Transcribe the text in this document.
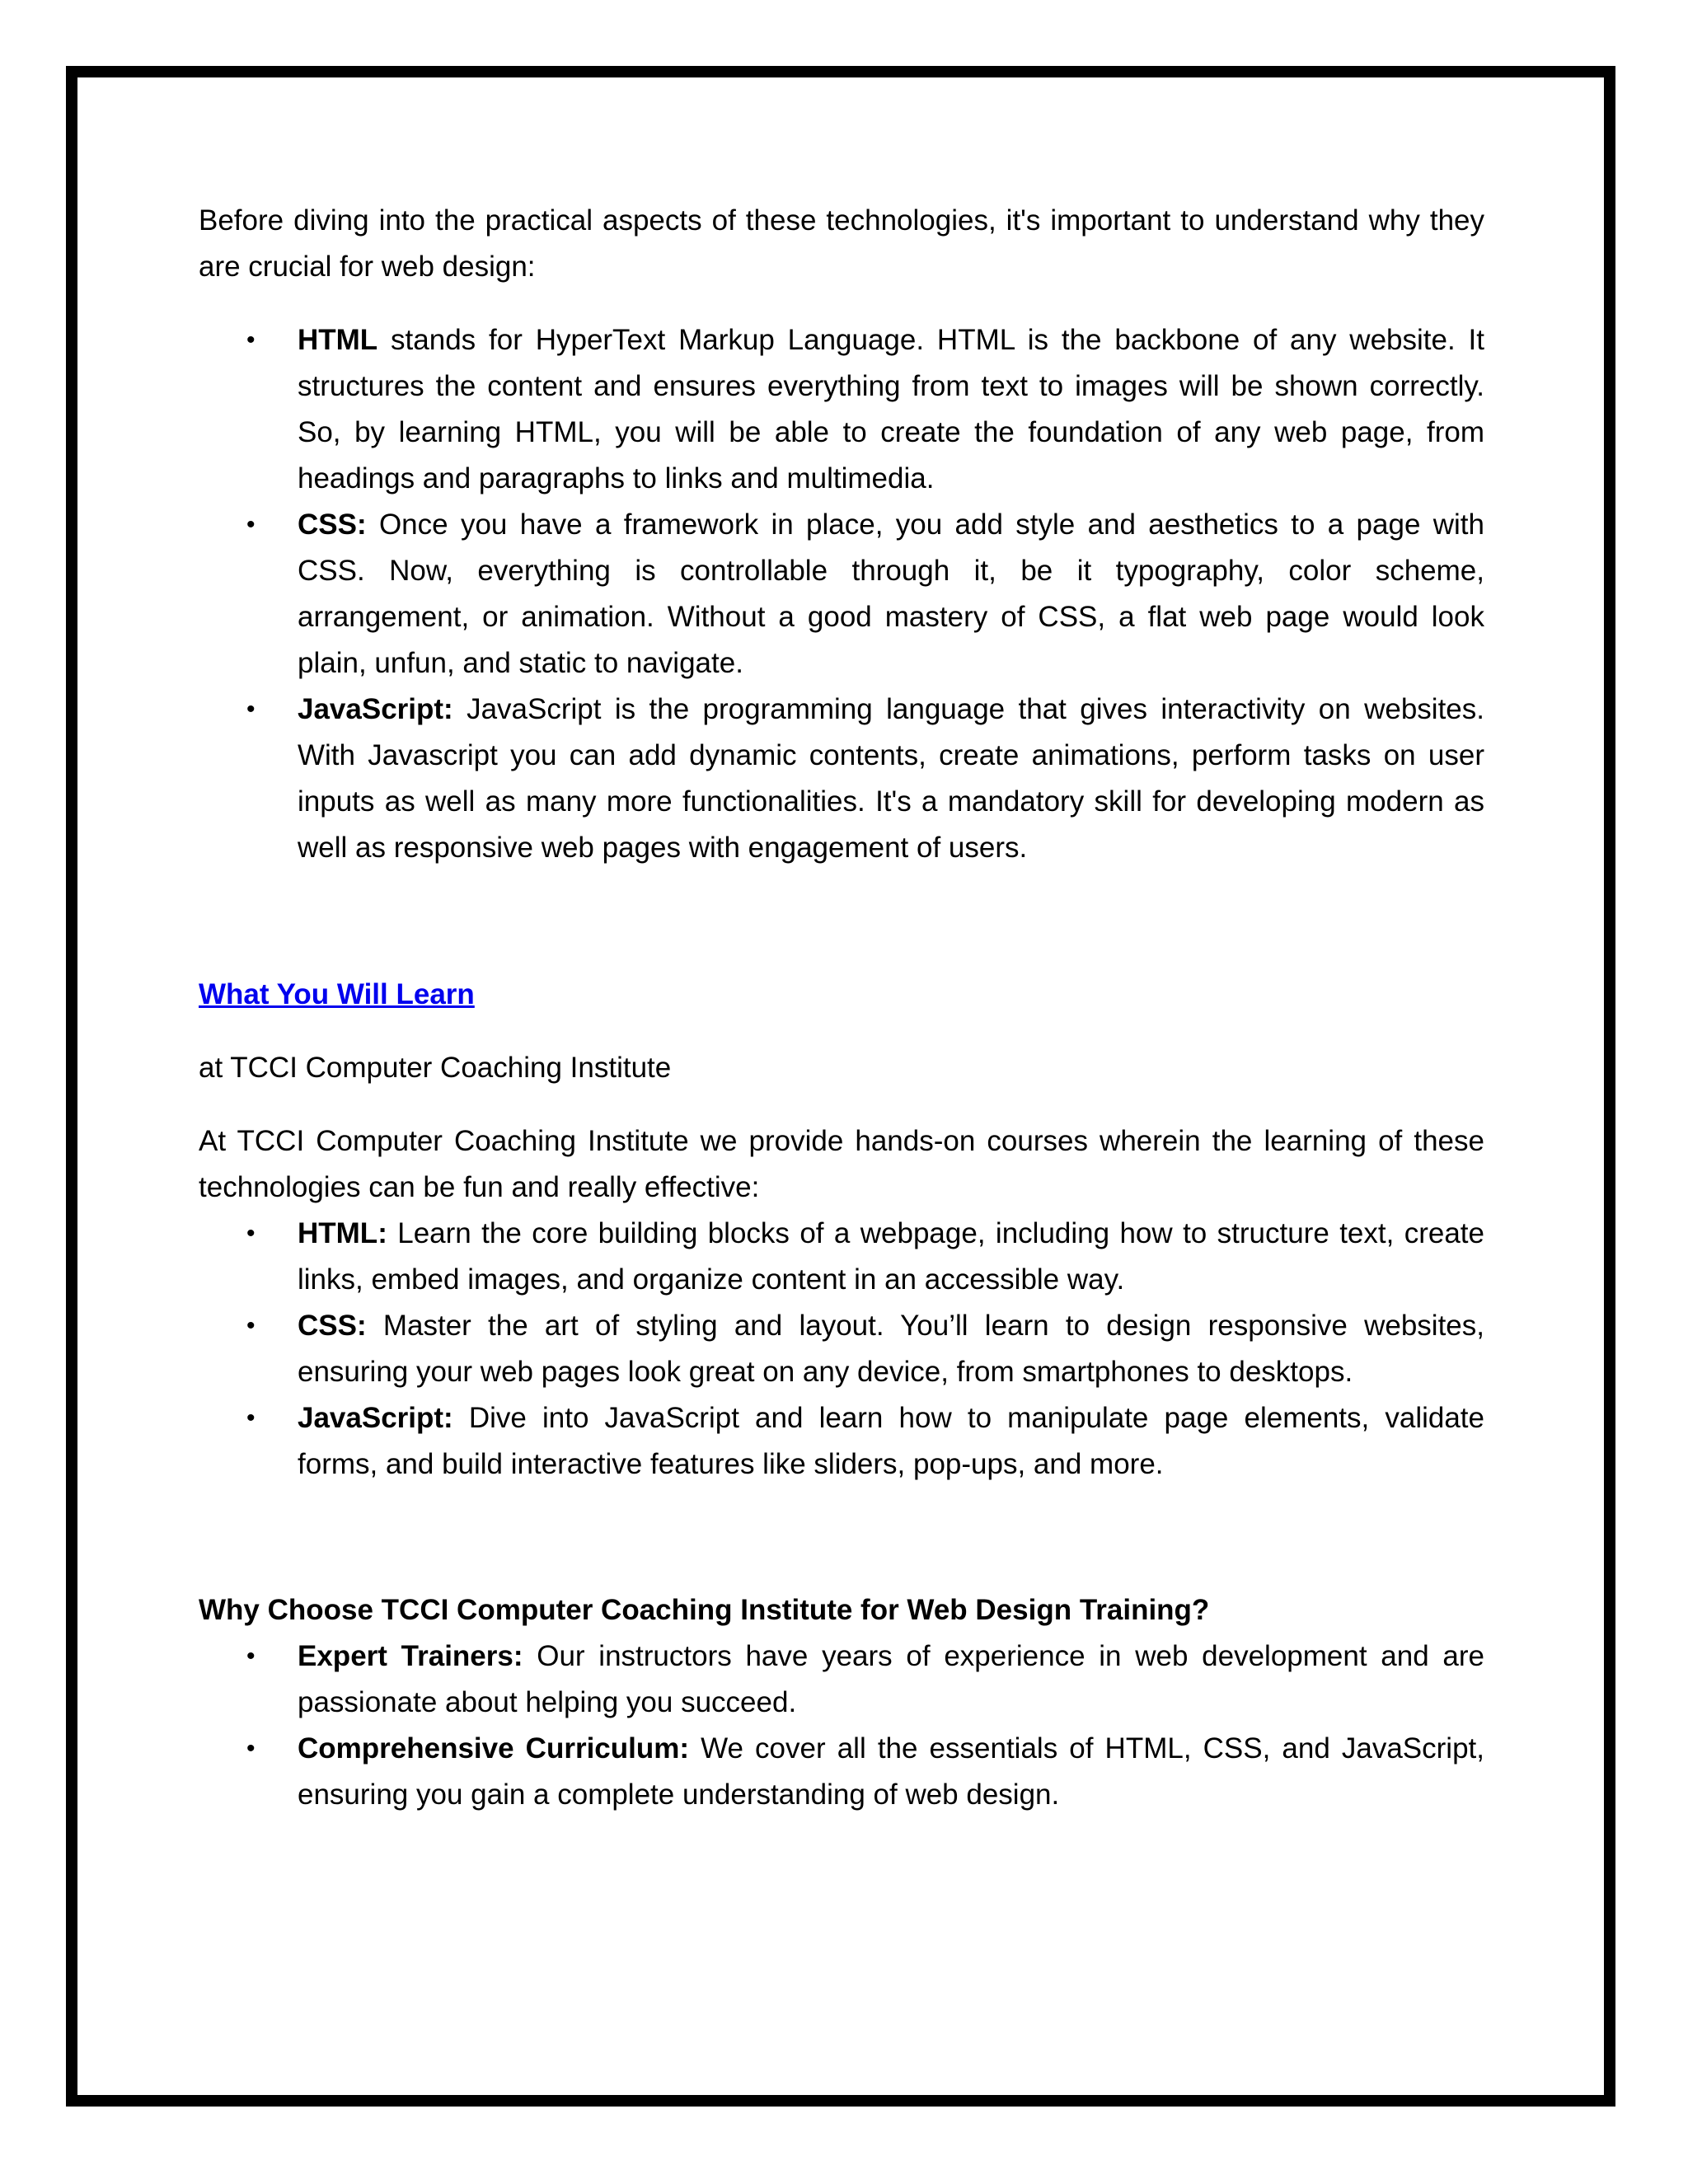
Before diving into the practical aspects of these technologies, it's important to understand why they are crucial for web design:

• HTML stands for HyperText Markup Language. HTML is the backbone of any website. It structures the content and ensures everything from text to images will be shown correctly. So, by learning HTML, you will be able to create the foundation of any web page, from headings and paragraphs to links and multimedia.
• CSS: Once you have a framework in place, you add style and aesthetics to a page with CSS. Now, everything is controllable through it, be it typography, color scheme, arrangement, or animation. Without a good mastery of CSS, a flat web page would look plain, unfun, and static to navigate.
• JavaScript: JavaScript is the programming language that gives interactivity on websites. With Javascript you can add dynamic contents, create animations, perform tasks on user inputs as well as many more functionalities. It's a mandatory skill for developing modern as well as responsive web pages with engagement of users.
What You Will Learn

at TCCI Computer Coaching Institute

At TCCI Computer Coaching Institute we provide hands-on courses wherein the learning of these technologies can be fun and really effective:

• HTML: Learn the core building blocks of a webpage, including how to structure text, create links, embed images, and organize content in an accessible way.
• CSS: Master the art of styling and layout. You’ll learn to design responsive websites, ensuring your web pages look great on any device, from smartphones to desktops.
• JavaScript: Dive into JavaScript and learn how to manipulate page elements, validate forms, and build interactive features like sliders, pop-ups, and more.

Why Choose TCCI Computer Coaching Institute for Web Design Training?

• Expert Trainers: Our instructors have years of experience in web development and are passionate about helping you succeed.
• Comprehensive Curriculum: We cover all the essentials of HTML, CSS, and JavaScript, ensuring you gain a complete understanding of web design.
